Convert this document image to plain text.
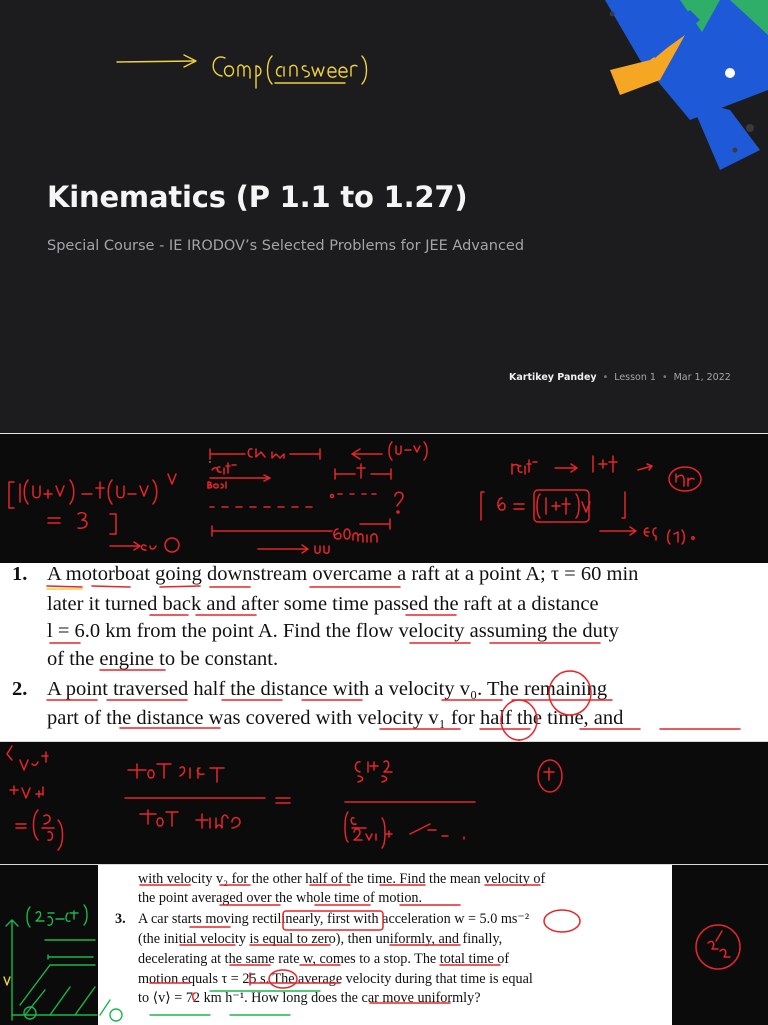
Kinematics (P 1.1 to 1.27)
Special Course - IE IRODOV’s Selected Problems for JEE Advanced
Kartikey Pandey • Lesson 1 • Mar 1, 2022
1. A motorboat going downstream overcame a raft at a point A; τ = 60 min
later it turned back and after some time passed the raft at a distance
l = 6.0 km from the point A. Find the flow velocity assuming the duty
of the engine to be constant.
2. A point traversed half the distance with a velocity v₀. The remaining
part of the distance was covered with velocity v₁ for half the time, and
with velocity v₂ for the other half of the time. Find the mean velocity of
the point averaged over the whole time of motion.
3. A car starts moving rectilinearly, first with acceleration w = 5.0 ms⁻²
(the initial velocity is equal to zero), then uniformly, and finally,
decelerating at the same rate w, comes to a stop. The total time of
motion equals τ = 25 s. The average velocity during that time is equal
to ⟨v⟩ = 72 km h⁻¹. How long does the car move uniformly?
